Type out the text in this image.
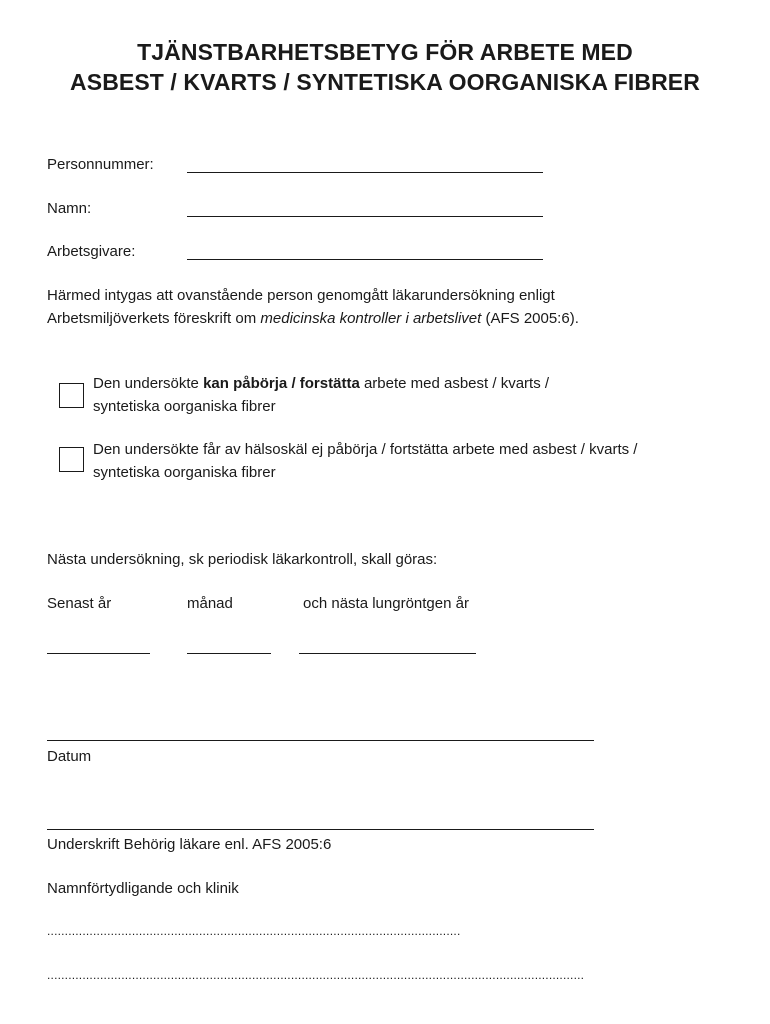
TJÄNSTBARHETSBETYG FÖR ARBETE MED
ASBEST / KVARTS / SYNTETISKA OORGANISKA FIBRER
Personnummer:
Namn:
Arbetsgivare:
Härmed intygas att ovanstående person genomgått läkarundersökning enligt
Arbetsmiljöverkets föreskrift om medicinska kontroller i arbetslivet (AFS 2005:6).
Den undersökte kan påbörja / forstätta arbete med asbest / kvarts /
syntetiska oorganiska fibrer
Den undersökte får av hälsoskäl ej påbörja / fortstätta arbete med asbest / kvarts /
syntetiska oorganiska fibrer
Nästa undersökning, sk periodisk läkarkontroll, skall göras:
Senast år	månad	och nästa lungröntgen år
Datum
Underskrift Behörig läkare enl. AFS 2005:6
Namnförtydligande och klinik
.....................................................................................................................
........................................................................................................................................................
